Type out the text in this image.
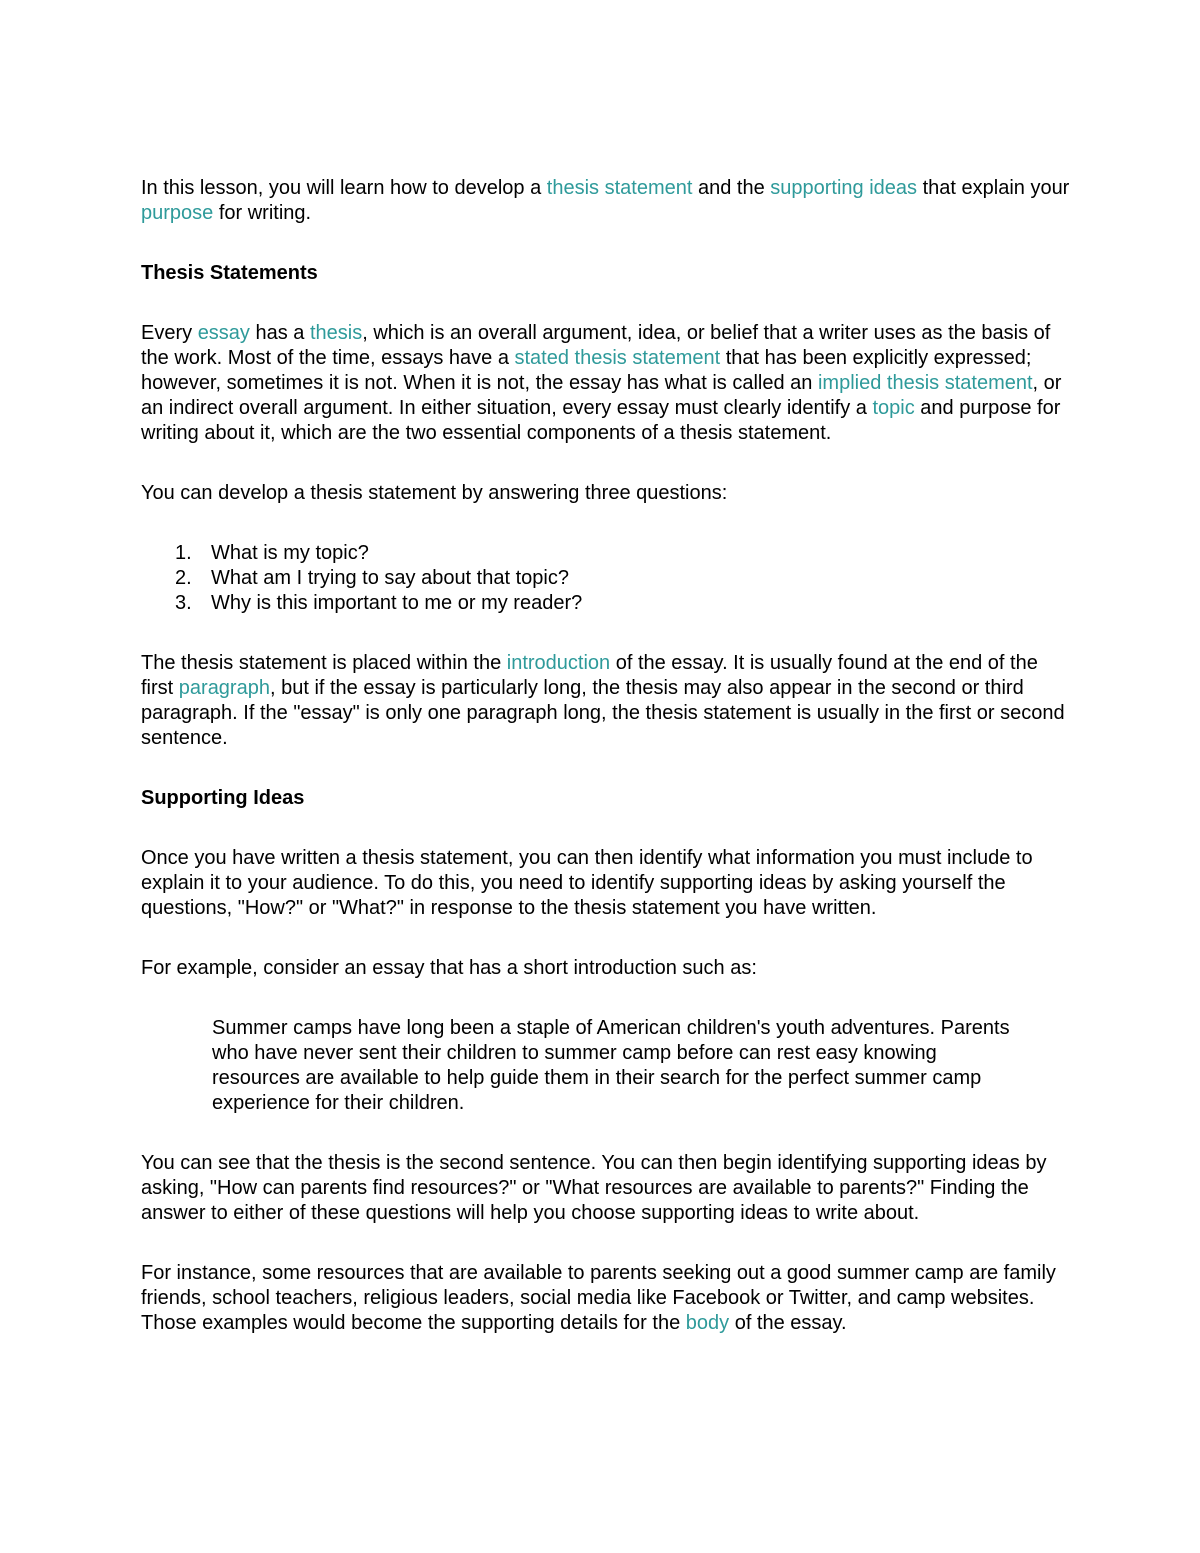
In this lesson, you will learn how to develop a thesis statement and the supporting ideas that explain your purpose for writing.

Thesis Statements

Every essay has a thesis, which is an overall argument, idea, or belief that a writer uses as the basis of the work. Most of the time, essays have a stated thesis statement that has been explicitly expressed; however, sometimes it is not. When it is not, the essay has what is called an implied thesis statement, or an indirect overall argument. In either situation, every essay must clearly identify a topic and purpose for writing about it, which are the two essential components of a thesis statement.

You can develop a thesis statement by answering three questions:

1. What is my topic?
2. What am I trying to say about that topic?
3. Why is this important to me or my reader?

The thesis statement is placed within the introduction of the essay. It is usually found at the end of the first paragraph, but if the essay is particularly long, the thesis may also appear in the second or third paragraph. If the "essay" is only one paragraph long, the thesis statement is usually in the first or second sentence.

Supporting Ideas

Once you have written a thesis statement, you can then identify what information you must include to explain it to your audience. To do this, you need to identify supporting ideas by asking yourself the questions, "How?" or "What?" in response to the thesis statement you have written.

For example, consider an essay that has a short introduction such as:

Summer camps have long been a staple of American children's youth adventures. Parents who have never sent their children to summer camp before can rest easy knowing resources are available to help guide them in their search for the perfect summer camp experience for their children.

You can see that the thesis is the second sentence. You can then begin identifying supporting ideas by asking, "How can parents find resources?" or "What resources are available to parents?" Finding the answer to either of these questions will help you choose supporting ideas to write about.

For instance, some resources that are available to parents seeking out a good summer camp are family friends, school teachers, religious leaders, social media like Facebook or Twitter, and camp websites. Those examples would become the supporting details for the body of the essay.
